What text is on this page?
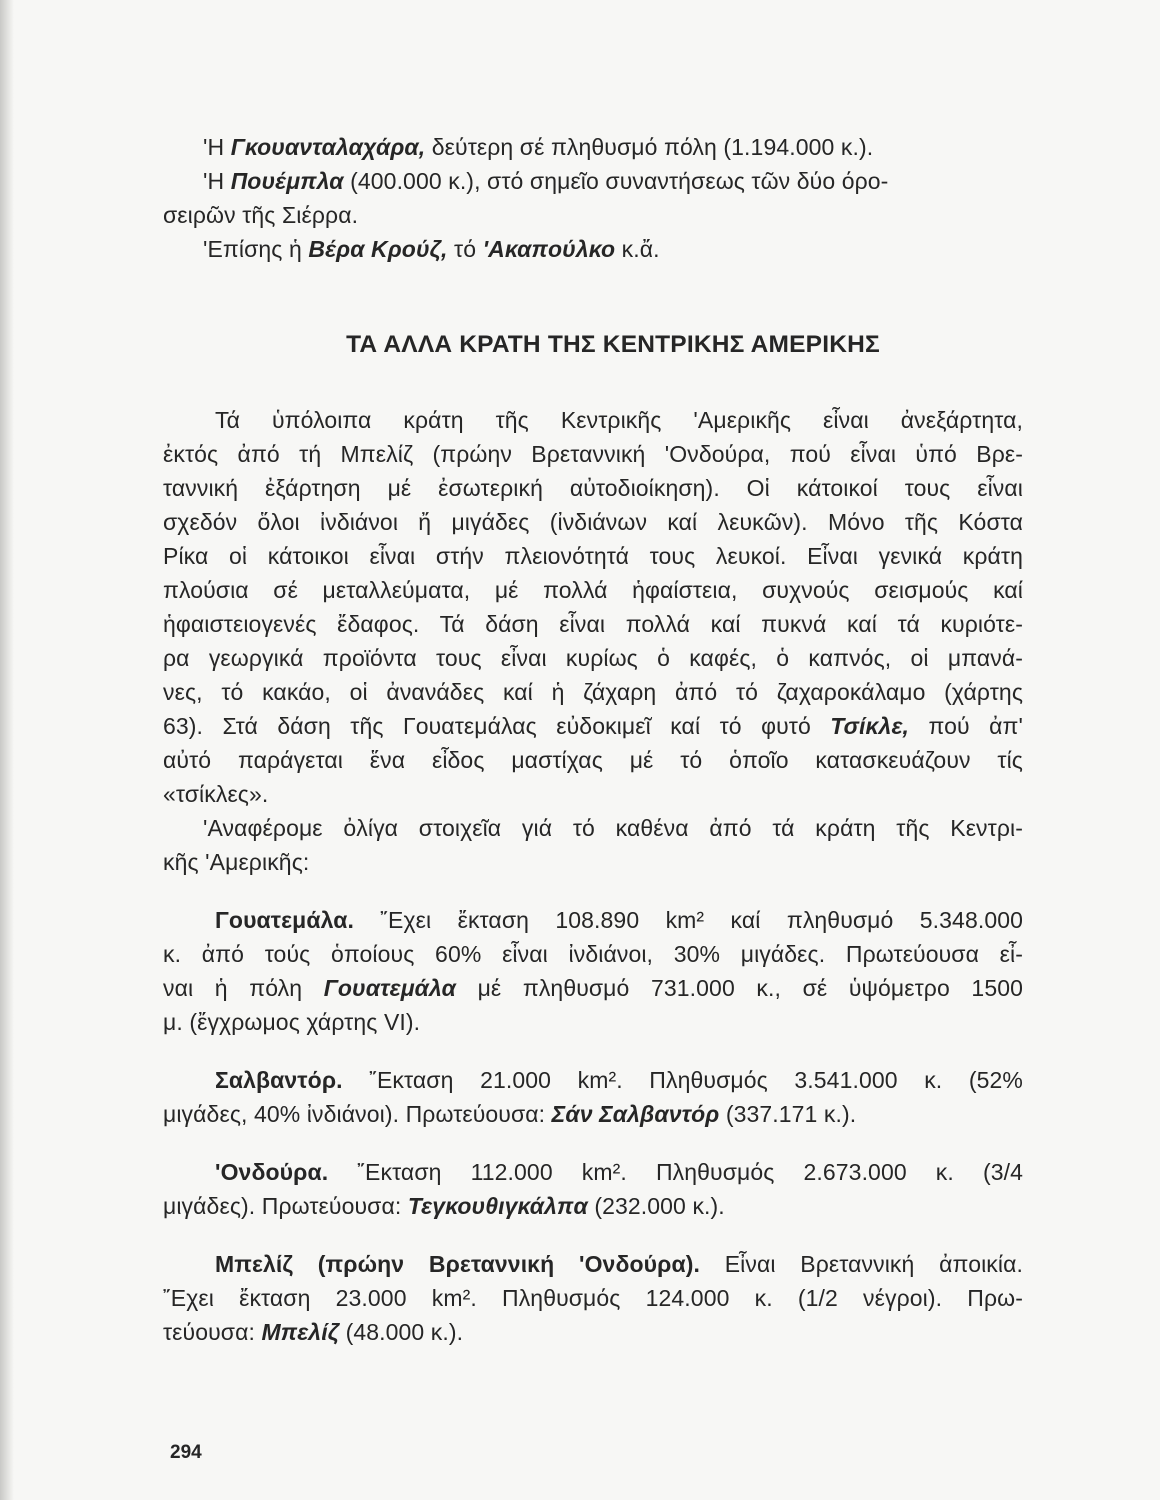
'Η Γκουανταλαχάρα, δεύτερη σέ πληθυσμό πόλη (1.194.000 κ.).
'Η Πουέμπλα (400.000 κ.), στό σημεῖο συναντήσεως τῶν δύο όρο-
σειρῶν τῆς Σιέρρα.
'Επίσης ἡ Βέρα Κρούζ, τό 'Ακαπούλκο κ.ἄ.
ΤΑ ΑΛΛΑ ΚΡΑΤΗ ΤΗΣ ΚΕΝΤΡΙΚΗΣ ΑΜΕΡΙΚΗΣ
Τά ὑπόλοιπα κράτη τῆς Κεντρικῆς 'Αμερικῆς εἶναι ἀνεξάρτητα,
ἐκτός ἀπό τή Μπελίζ (πρώην Βρεταννική 'Ονδούρα, πού εἶναι ὑπό Βρε-
ταννική ἐξάρτηση μέ ἐσωτερική αὐτοδιοίκηση). Οἱ κάτοικοί τους εἶναι
σχεδόν ὅλοι ἰνδιάνοι ἤ μιγάδες (ἰνδιάνων καί λευκῶν). Μόνο τῆς Κόστα
Ρίκα οἱ κάτοικοι εἶναι στήν πλειονότητά τους λευκοί. Εἶναι γενικά κράτη
πλούσια σέ μεταλλεύματα, μέ πολλά ἡφαίστεια, συχνούς σεισμούς καί
ἡφαιστειογενές ἔδαφος. Τά δάση εἶναι πολλά καί πυκνά καί τά κυριότε-
ρα γεωργικά προϊόντα τους εἶναι κυρίως ὁ καφές, ὁ καπνός, οἱ μπανά-
νες, τό κακάο, οἱ ἀνανάδες καί ἡ ζάχαρη ἀπό τό ζαχαροκάλαμο (χάρτης
63). Στά δάση τῆς Γουατεμάλας εὐδοκιμεῖ καί τό φυτό Τσίκλε, πού ἀπ'
αὐτό παράγεται ἕνα εἶδος μαστίχας μέ τό ὁποῖο κατασκευάζουν τίς
«τσίκλες».
'Αναφέρομε ὀλίγα στοιχεῖα γιά τό καθένα ἀπό τά κράτη τῆς Κεντρι-
κῆς 'Αμερικῆς:
Γουατεμάλα. ῎Εχει ἔκταση 108.890 km² καί πληθυσμό 5.348.000
κ. ἀπό τούς ὁποίους 60% εἶναι ἰνδιάνοι, 30% μιγάδες. Πρωτεύουσα εἶ-
ναι ἡ πόλη Γουατεμάλα μέ πληθυσμό 731.000 κ., σέ ὑψόμετρο 1500
μ. (ἔγχρωμος χάρτης VI).
Σαλβαντόρ. ῎Εκταση 21.000 km². Πληθυσμός 3.541.000 κ. (52%
μιγάδες, 40% ἰνδιάνοι). Πρωτεύουσα: Σάν Σαλβαντόρ (337.171 κ.).
'Ονδούρα. ῎Εκταση 112.000 km². Πληθυσμός 2.673.000 κ. (3/4
μιγάδες). Πρωτεύουσα: Τεγκουθιγκάλπα (232.000 κ.).
Μπελίζ (πρώην Βρεταννική 'Ονδούρα). Εἶναι Βρεταννική ἀποικία.
῎Εχει ἔκταση 23.000 km². Πληθυσμός 124.000 κ. (1/2 νέγροι). Πρω-
τεύουσα: Μπελίζ (48.000 κ.).
294
